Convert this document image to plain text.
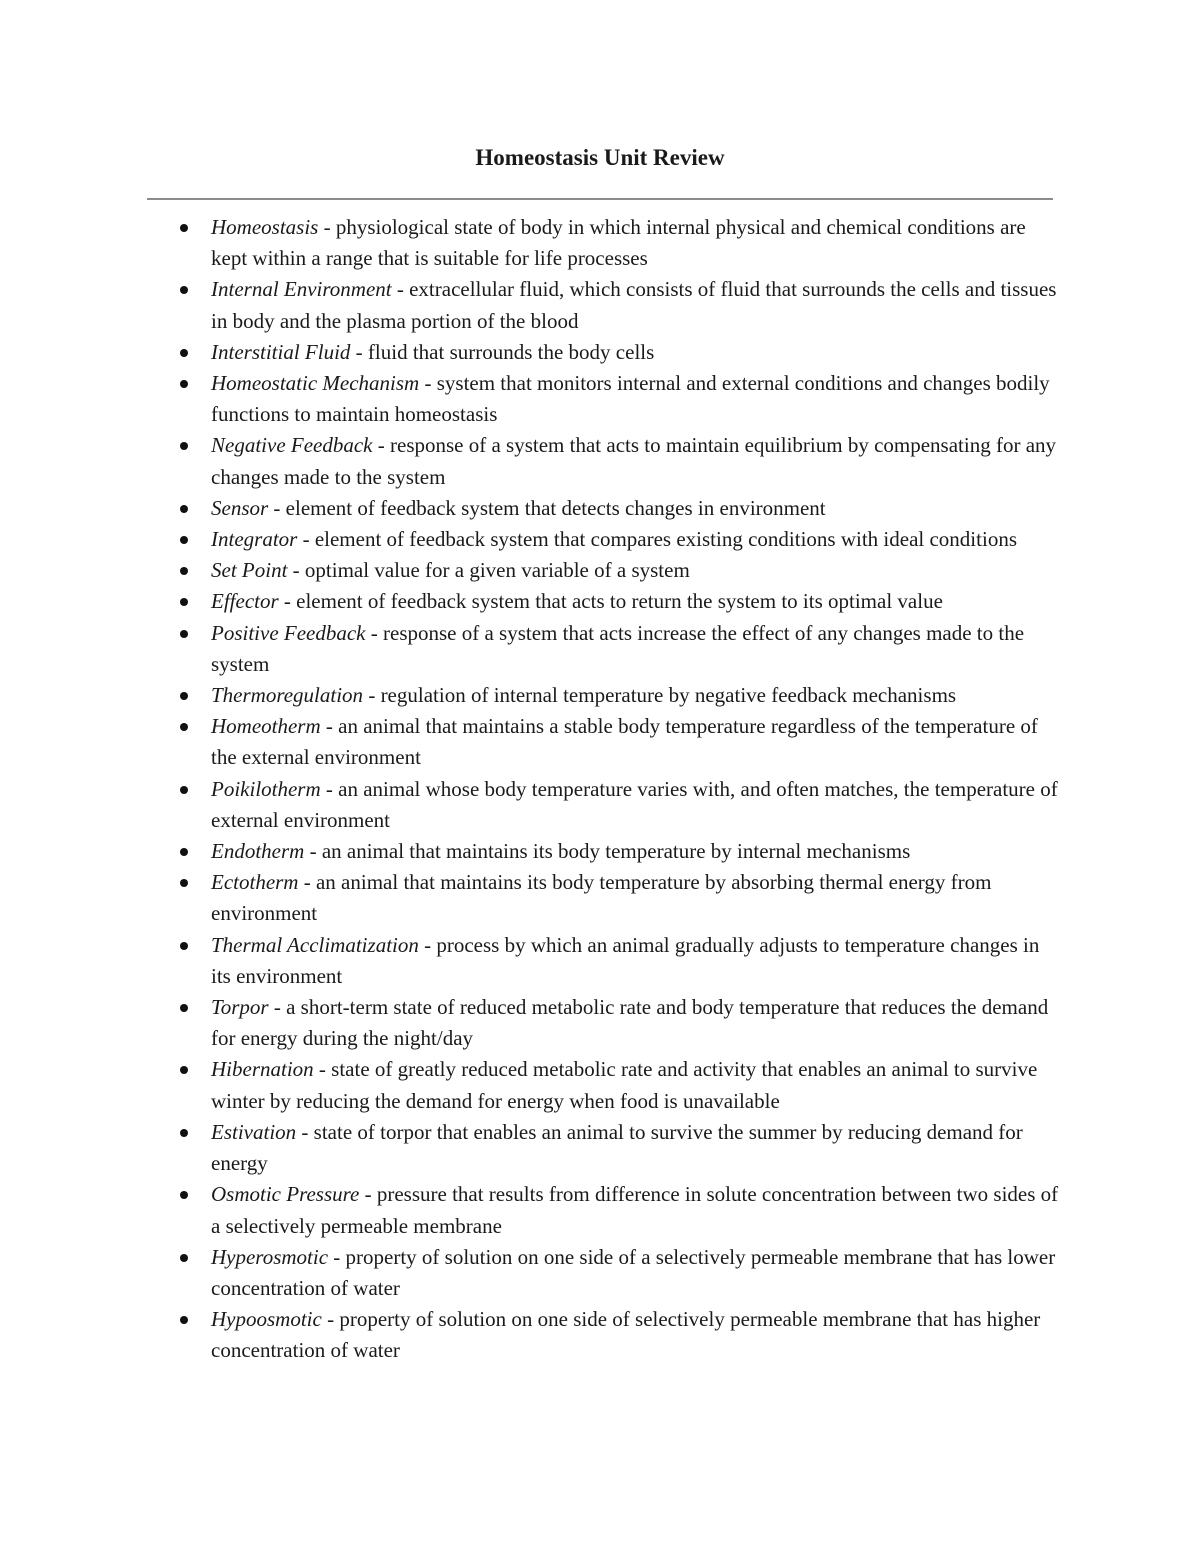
Homeostasis Unit Review
Homeostasis - physiological state of body in which internal physical and chemical conditions are kept within a range that is suitable for life processes
Internal Environment - extracellular fluid, which consists of fluid that surrounds the cells and tissues in body and the plasma portion of the blood
Interstitial Fluid - fluid that surrounds the body cells
Homeostatic Mechanism - system that monitors internal and external conditions and changes bodily functions to maintain homeostasis
Negative Feedback - response of a system that acts to maintain equilibrium by compensating for any changes made to the system
Sensor - element of feedback system that detects changes in environment
Integrator - element of feedback system that compares existing conditions with ideal conditions
Set Point - optimal value for a given variable of a system
Effector - element of feedback system that acts to return the system to its optimal value
Positive Feedback - response of a system that acts increase the effect of any changes made to the system
Thermoregulation - regulation of internal temperature by negative feedback mechanisms
Homeotherm - an animal that maintains a stable body temperature regardless of the temperature of the external environment
Poikilotherm - an animal whose body temperature varies with, and often matches, the temperature of external environment
Endotherm - an animal that maintains its body temperature by internal mechanisms
Ectotherm - an animal that maintains its body temperature by absorbing thermal energy from environment
Thermal Acclimatization - process by which an animal gradually adjusts to temperature changes in its environment
Torpor - a short-term state of reduced metabolic rate and body temperature that reduces the demand for energy during the night/day
Hibernation - state of greatly reduced metabolic rate and activity that enables an animal to survive winter by reducing the demand for energy when food is unavailable
Estivation - state of torpor that enables an animal to survive the summer by reducing demand for energy
Osmotic Pressure - pressure that results from difference in solute concentration between two sides of a selectively permeable membrane
Hyperosmotic - property of solution on one side of a selectively permeable membrane that has lower concentration of water
Hypoosmotic - property of solution on one side of selectively permeable membrane that has higher concentration of water
